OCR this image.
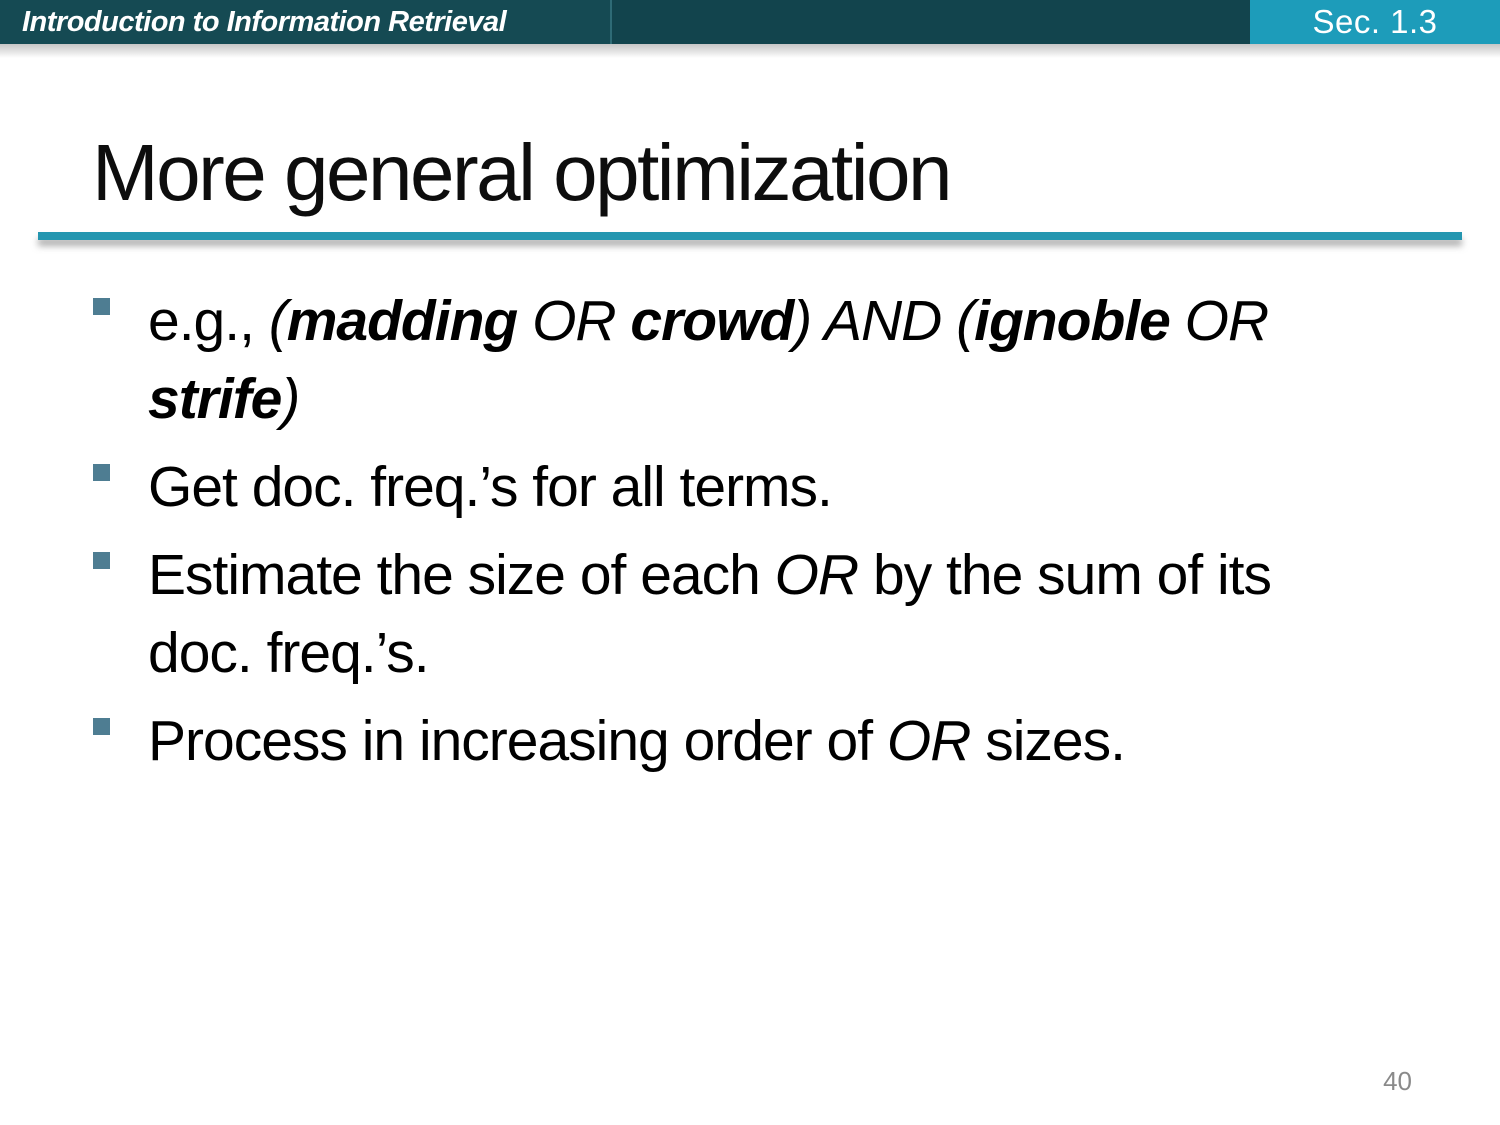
Introduction to Information Retrieval	Sec. 1.3
More general optimization
e.g., (madding OR crowd) AND (ignoble OR
strife)
Get doc. freq.’s for all terms.
Estimate the size of each OR by the sum of its
doc. freq.’s.
Process in increasing order of OR sizes.
40
